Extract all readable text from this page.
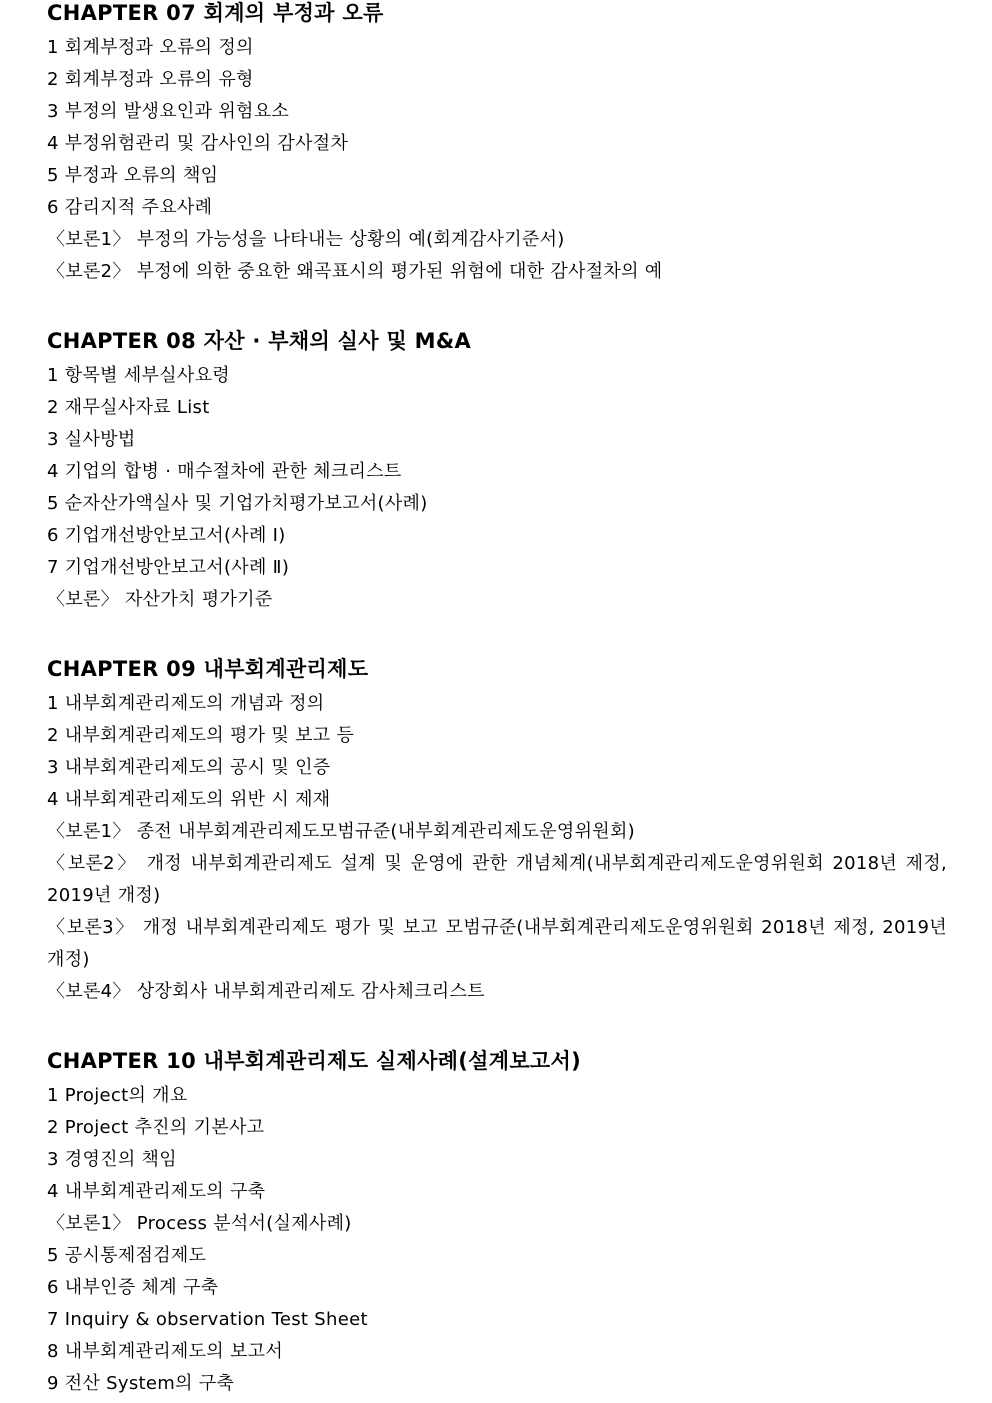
CHAPTER 07 회계의 부정과 오류
1 회계부정과 오류의 정의
2 회계부정과 오류의 유형
3 부정의 발생요인과 위험요소
4 부정위험관리 및 감사인의 감사절차
5 부정과 오류의 책임
6 감리지적 주요사례
〈보론1〉 부정의 가능성을 나타내는 상황의 예(회계감사기준서)
〈보론2〉 부정에 의한 중요한 왜곡표시의 평가된 위험에 대한 감사절차의 예
CHAPTER 08 자산 · 부채의 실사 및 M&A
1 항목별 세부실사요령
2 재무실사자료 List
3 실사방법
4 기업의 합병 · 매수절차에 관한 체크리스트
5 순자산가액실사 및 기업가치평가보고서(사례)
6 기업개선방안보고서(사례 Ⅰ)
7 기업개선방안보고서(사례 Ⅱ)
〈보론〉 자산가치 평가기준
CHAPTER 09 내부회계관리제도
1 내부회계관리제도의 개념과 정의
2 내부회계관리제도의 평가 및 보고 등
3 내부회계관리제도의 공시 및 인증
4 내부회계관리제도의 위반 시 제재
〈보론1〉 종전 내부회계관리제도모범규준(내부회계관리제도운영위원회)
〈보론2〉 개정 내부회계관리제도 설계 및 운영에 관한 개념체계(내부회계관리제도운영위원회 2018년 제정, 2019년 개정)
〈보론3〉 개정 내부회계관리제도 평가 및 보고 모범규준(내부회계관리제도운영위원회 2018년 제정, 2019년 개정)
〈보론4〉 상장회사 내부회계관리제도 감사체크리스트
CHAPTER 10 내부회계관리제도 실제사례(설계보고서)
1 Project의 개요
2 Project 추진의 기본사고
3 경영진의 책임
4 내부회계관리제도의 구축
〈보론1〉 Process 분석서(실제사례)
5 공시통제점검제도
6 내부인증 체계 구축
7 Inquiry & observation Test Sheet
8 내부회계관리제도의 보고서
9 전산 System의 구축
